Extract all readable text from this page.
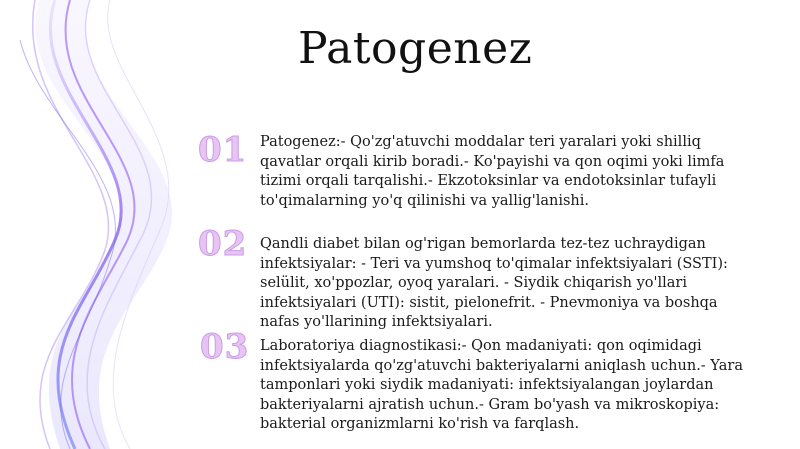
Patogenez
01 Patogenez:- Qo'zg'atuvchi moddalar teri yaralari yoki shilliq qavatlar orqali kirib boradi.- Ko'payishi va qon oqimi yoki limfa tizimi orqali tarqalishi.- Ekzotoksinlar va endotoksinlar tufayli to'qimalarning yo'q qilinishi va yallig'lanishi.
02 Qandli diabet bilan og'rigan bemorlarda tez-tez uchraydigan infektsiyalar: - Teri va yumshoq to'qimalar infektsiyalari (SSTI): selülit, xo'ppozlar, oyoq yaralari. - Siydik chiqarish yo'llari infektsiyalari (UTI): sistit, pielonefrit. - Pnevmoniya va boshqa nafas yo'llarining infektsiyalari.
03 Laboratoriya diagnostikasi:- Qon madaniyati: qon oqimidagi infektsiyalarda qo'zg'atuvchi bakteriyalarni aniqlash uchun.- Yara tamponlari yoki siydik madaniyati: infektsiyalangan joylardan bakteriyalarni ajratish uchun.- Gram bo'yash va mikroskopiya: bakterial organizmlarni ko'rish va farqlash.
